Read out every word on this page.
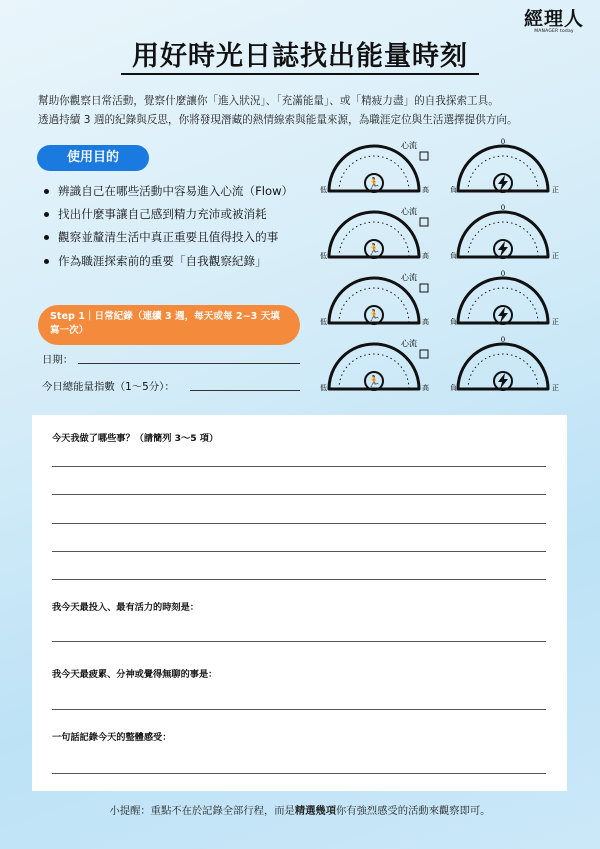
經理人
MANAGER today
用好時光日誌找出能量時刻
幫助你觀察日常活動，覺察什麼讓你「進入狀況」、「充滿能量」、或「精疲力盡」的自我探索工具。
透過持續 3 週的紀錄與反思，你將發現潛藏的熱情線索與能量來源，為職涯定位與生活選擇提供方向。
使用目的
辨識自己在哪些活動中容易進入心流（Flow）
找出什麼事讓自己感到精力充沛或被消耗
觀察並釐清生活中真正重要且值得投入的事
作為職涯探索前的重要「自我觀察紀錄」
Step 1｜日常紀錄（連續 3 週，每天或每 2~3 天填寫一次）
日期：
今日總能量指數（1～5分）：
心流
🏃
低	高
0
負	正
心流
🏃
低	高
0
負	正
心流
🏃
低	高
0
負	正
心流
🏃
低	高
0
負	正
今天我做了哪些事？（請簡列 3～5 項）
我今天最投入、最有活力的時刻是：
我今天最疲累、分神或覺得無聊的事是：
一句話記錄今天的整體感受：
小提醒：重點不在於記錄全部行程，而是精選幾項你有強烈感受的活動來觀察即可。
